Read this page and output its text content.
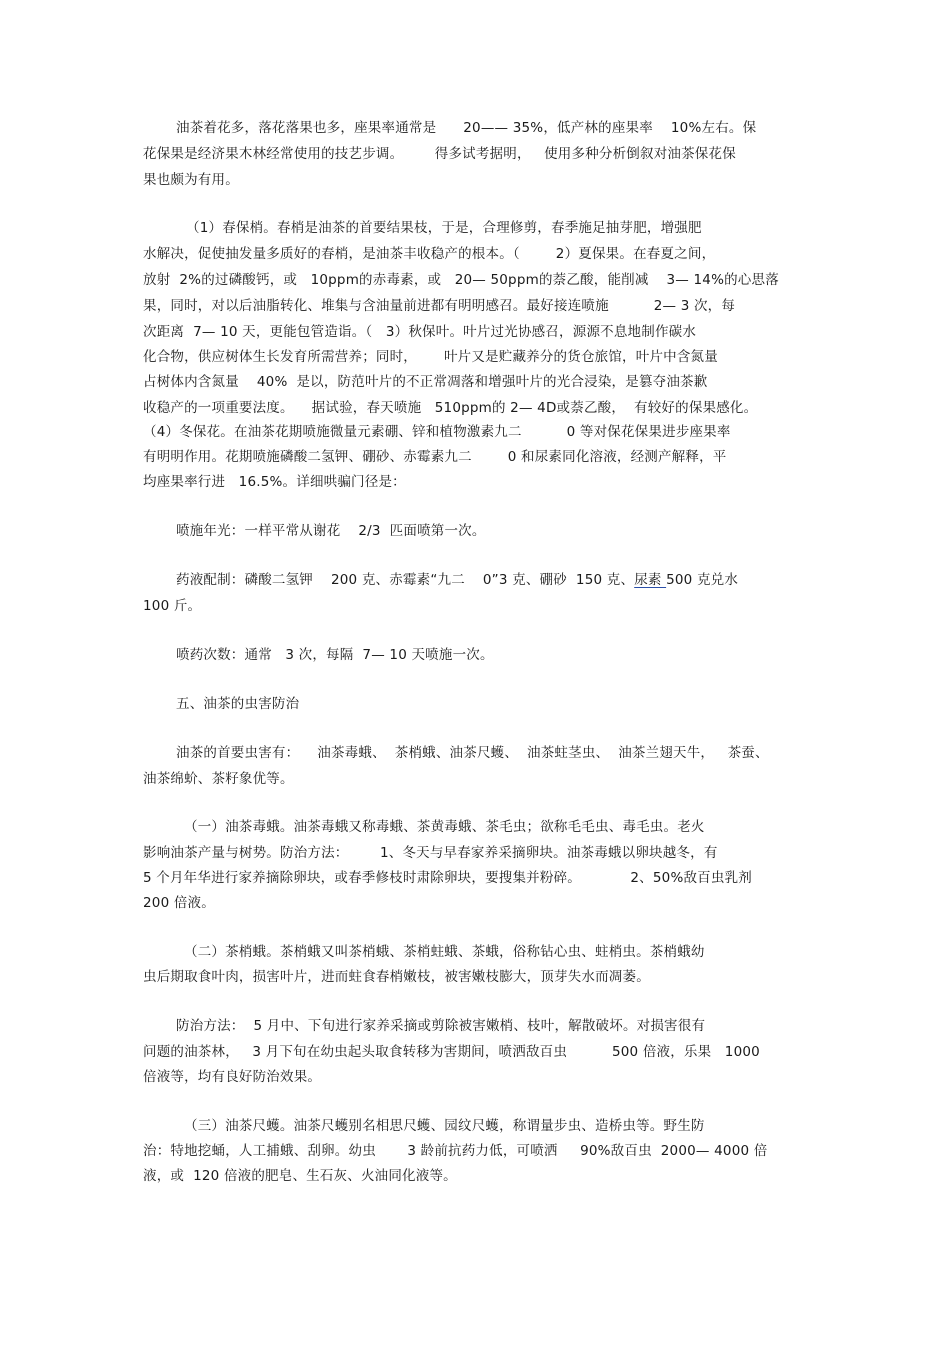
油茶着花多，落花落果也多，座果率通常是      20—— 35%，低产林的座果率    10%左右。保
花保果是经济果木林经常使用的技艺步调。       得多试考据明，   使用多种分析倒叙对油茶保花保
果也颇为有用。
（1）春保梢。春梢是油茶的首要结果枝，于是，合理修剪，春季施足抽芽肥，增强肥
水解决，促使抽发量多质好的春梢，是油茶丰收稳产的根本。（        2）夏保果。在春夏之间，
放射  2%的过磷酸钙，或   10ppm的赤毒素，或   20— 50ppm的萘乙酸，能削减    3— 14%的心思落
果，同时，对以后油脂转化、堆集与含油量前进都有明明感召。最好接连喷施          2— 3 次，每
次距离  7— 10 天，更能包管造诣。（   3）秋保叶。叶片过光协感召，源源不息地制作碳水
化合物，供应树体生长发育所需营养；同时，      叶片又是贮藏养分的货仓旅馆，叶片中含氮量
占树体内含氮量    40%  是以，防范叶片的不正常凋落和增强叶片的光合浸染，是篡夺油茶歉
收稳产的一项重要法度。    据试验，春天喷施   510ppm的 2— 4D或萘乙酸，  有较好的保果感化。
（4）冬保花。在油茶花期喷施微量元素硼、锌和植物激素九二          0 等对保花保果进步座果率
有明明作用。花期喷施磷酸二氢钾、硼砂、赤霉素九二        0 和尿素同化溶液，经测产解释，平
均座果率行进   16.5%。详细哄骗门径是：
喷施年光：一样平常从谢花    2/3  匹面喷第一次。
药液配制：磷酸二氢钾    200 克、赤霉素“九二    0”3 克、硼砂  150 克、尿素 500 克兑水
100 斤。
喷药次数：通常   3 次，每隔  7— 10 天喷施一次。
五、油茶的虫害防治
油茶的首要虫害有：    油茶毒蛾、  茶梢蛾、油茶尺蠖、  油茶蛀茎虫、  油茶兰翅天牛，   茶蚕、
油茶绵蚧、茶籽象优等。
（一）油茶毒蛾。油茶毒蛾又称毒蛾、茶黄毒蛾、茶毛虫；欲称毛毛虫、毒毛虫。老火
影响油茶产量与树势。防治方法：       1、冬天与早春家养采摘卵块。油茶毒蛾以卵块越冬，有
5 个月年华进行家养摘除卵块，或春季修枝时肃除卵块，要搜集并粉碎。           2、50%敌百虫乳剂
200 倍液。
（二）茶梢蛾。茶梢蛾又叫茶梢蛾、茶梢蛀蛾、茶蛾，俗称钻心虫、蛀梢虫。茶梢蛾幼
虫后期取食叶肉，损害叶片，进而蛀食春梢嫩枝，被害嫩枝膨大，顶芽失水而凋萎。
防治方法：  5 月中、下旬进行家养采摘或剪除被害嫩梢、枝叶，解散破坏。对损害很有
问题的油茶林，   3 月下旬在幼虫起头取食转移为害期间，喷洒敌百虫          500 倍液，乐果   1000
倍液等，均有良好防治效果。
（三）油茶尺蠖。油茶尺蠖别名相思尺蠖、园纹尺蠖，称谓量步虫、造桥虫等。野生防
治：特地挖蛹，人工捕蛾、刮卵。幼虫       3 龄前抗药力低，可喷洒     90%敌百虫  2000— 4000 倍
液，或  120 倍液的肥皂、生石灰、火油同化液等。
